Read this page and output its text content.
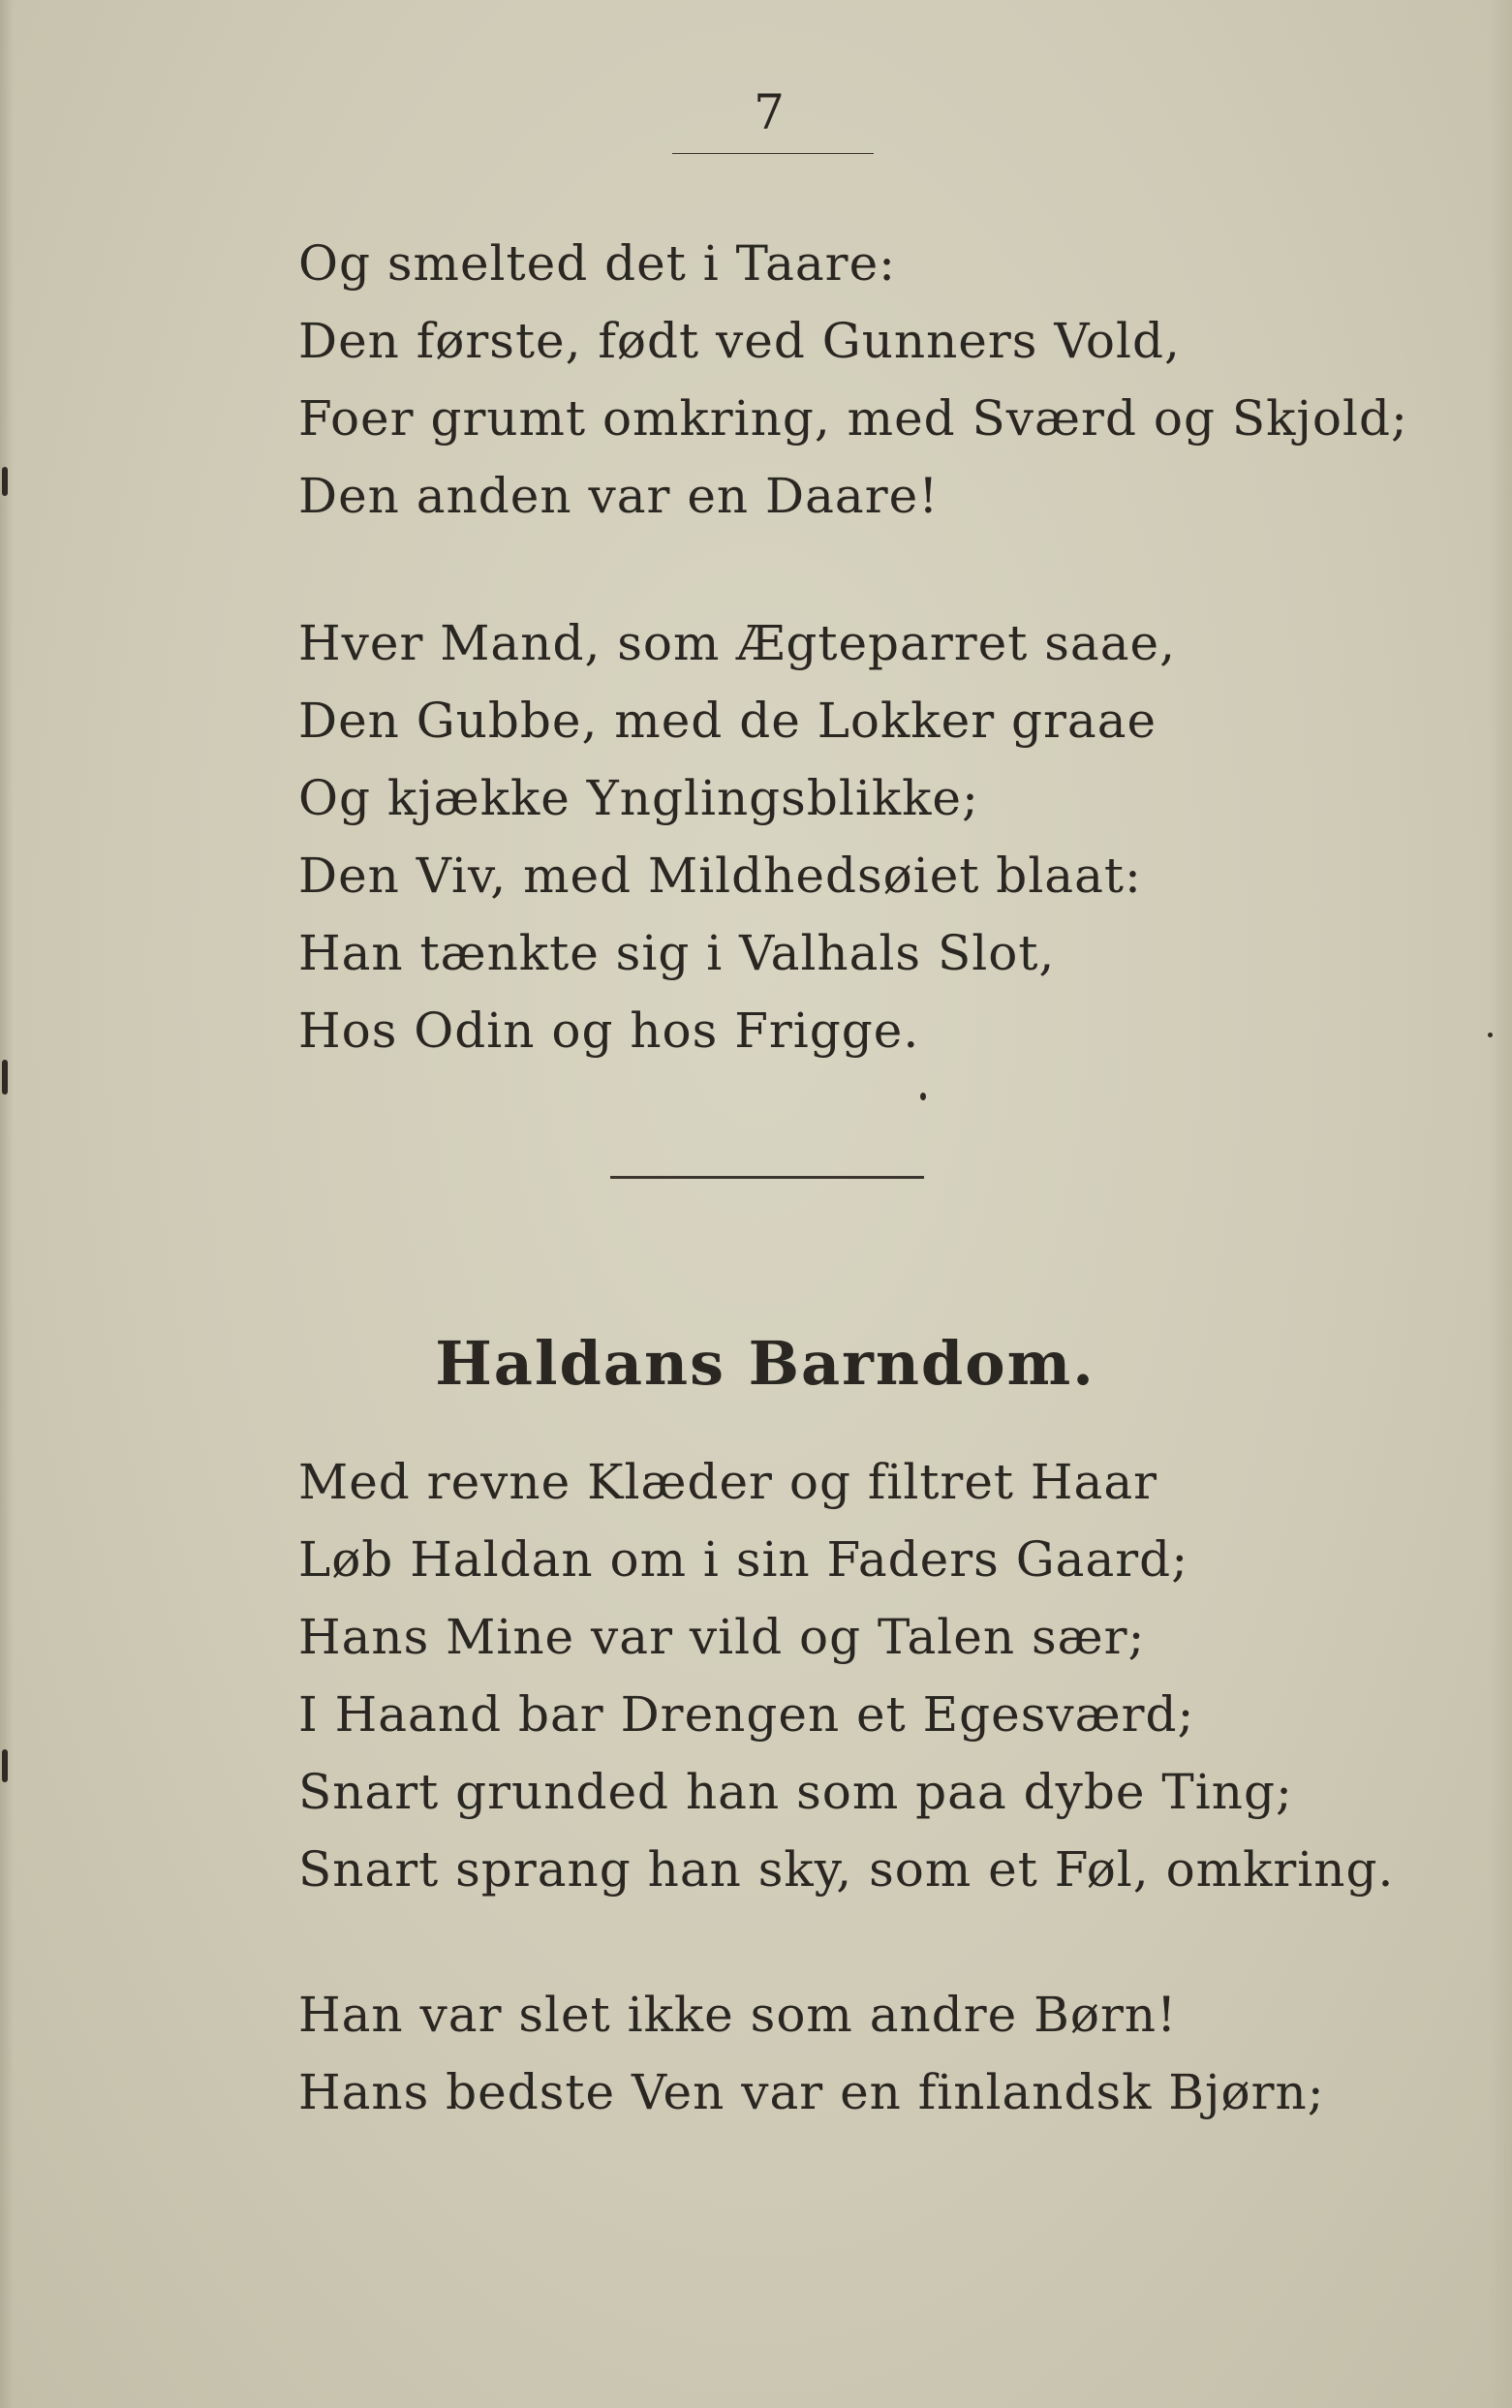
7
Og smelted det i Taare:
Den første, født ved Gunners Vold,
Foer grumt omkring, med Sværd og Skjold;
Den anden var en Daare!
Hver Mand, som Ægteparret saae,
Den Gubbe, med de Lokker graae
Og kjække Ynglingsblikke;
Den Viv, med Mildhedsøiet blaat:
Han tænkte sig i Valhals Slot,
Hos Odin og hos Frigge.
Haldans Barndom.
Med revne Klæder og filtret Haar
Løb Haldan om i sin Faders Gaard;
Hans Mine var vild og Talen sær;
I Haand bar Drengen et Egesværd;
Snart grunded han som paa dybe Ting;
Snart sprang han sky, som et Føl, omkring.
Han var slet ikke som andre Børn!
Hans bedste Ven var en finlandsk Bjørn;
